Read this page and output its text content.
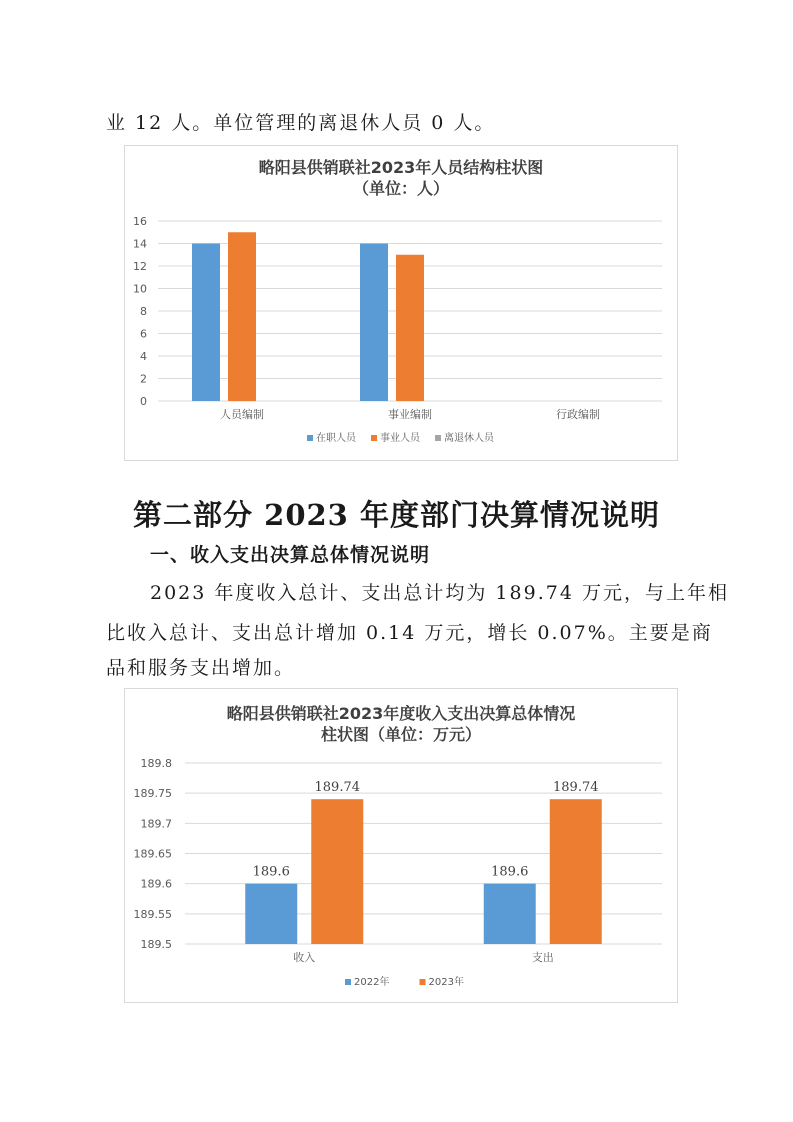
业 12 人。单位管理的离退休人员 0 人。
略阳县供销联社2023年人员结构柱状图
（单位：人）
0
2
4
6
8
10
12
14
16
人员编制	事业编制	行政编制
在职人员 事业人员 离退休人员
第二部分 2023 年度部门决算情况说明
一、收入支出决算总体情况说明
2023 年度收入总计、支出总计均为 189.74 万元，与上年相
比收入总计、支出总计增加 0.14 万元，增长 0.07%。主要是商
品和服务支出增加。
略阳县供销联社2023年度收入支出决算总体情况
柱状图（单位：万元）
189.5
189.55
189.6
189.65
189.7
189.75
189.8
收入
189.6
189.74
支出
189.6
189.74
2022年	2023年
